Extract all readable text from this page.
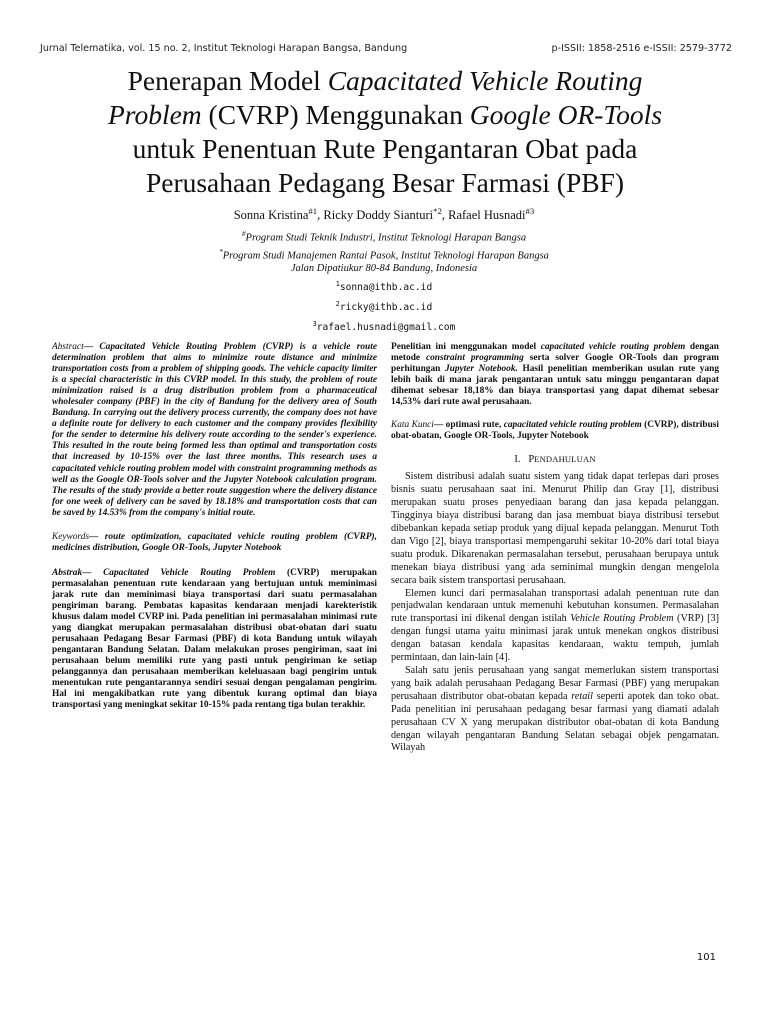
Jurnal Telematika, vol. 15 no. 2, Institut Teknologi Harapan Bangsa, Bandung	p-ISSII: 1858-2516 e-ISSII: 2579-3772
Penerapan Model Capacitated Vehicle Routing
Problem (CVRP) Menggunakan Google OR-Tools
untuk Penentuan Rute Pengantaran Obat pada
Perusahaan Pedagang Besar Farmasi (PBF)
Sonna Kristina$^{\#1}$, Ricky Doddy Sianturi$^{*2}$, Rafael Husnadi$^{\#3}$
#Program Studi Teknik Industri, Institut Teknologi Harapan Bangsa
*Program Studi Manajemen Rantai Pasok, Institut Teknologi Harapan Bangsa
Jalan Dipatiukur 80-84 Bandung, Indonesia
$^1$sonna@ithb.ac.id
$^2$ricky@ithb.ac.id
$^3$rafael.husnadi@gmail.com

Abstract— Capacitated Vehicle Routing Problem (CVRP) is a vehicle route determination problem that aims to minimize route distance and minimize transportation costs from a problem of shipping goods. The vehicle capacity limiter is a special characteristic in this CVRP model. In this study, the problem of route minimization raised is a drug distribution problem from a pharmaceutical wholesaler company (PBF) in the city of Bandung for the delivery area of South Bandung. In carrying out the delivery process currently, the company does not have a definite route for delivery to each customer and the company provides flexibility for the sender to determine his delivery route according to the sender's experience. This resulted in the route being formed less than optimal and transportation costs that increased by 10-15% over the last three months. This research uses a capacitated vehicle routing problem model with constraint programming methods as well as the Google OR-Tools solver and the Jupyter Notebook calculation program. The results of the study provide a better route suggestion where the delivery distance for one week of delivery can be saved by 18.18% and transportation costs that can be saved by 14.53% from the company's initial route.

Keywords— route optimization, capacitated vehicle routing problem (CVRP), medicines distribution, Google OR-Tools, Jupyter Notebook

Abstrak— Capacitated Vehicle Routing Problem (CVRP) merupakan permasalahan penentuan rute kendaraan yang bertujuan untuk meminimasi jarak rute dan meminimasi biaya transportasi dari suatu permasalahan pengiriman barang. Pembatas kapasitas kendaraan menjadi karekteristik khusus dalam model CVRP ini. Pada penelitian ini permasalahan minimasi rute yang diangkat merupakan permasalahan distribusi obat-obatan dari suatu perusahaan Pedagang Besar Farmasi (PBF) di kota Bandung untuk wilayah pengantaran Bandung Selatan. Dalam melakukan proses pengiriman, saat ini perusahaan belum memiliki rute yang pasti untuk pengiriman ke setiap pelanggannya dan perusahaan memberikan keleluasaan bagi pengirim untuk menentukan rute pengantarannya sendiri sesuai dengan pengalaman pengirim. Hal ini mengakibatkan rute yang dibentuk kurang optimal dan biaya transportasi yang meningkat sekitar 10-15% pada rentang tiga bulan terakhir.

Penelitian ini menggunakan model capacitated vehicle routing problem dengan metode constraint programming serta solver Google OR-Tools dan program perhitungan Jupyter Notebook. Hasil penelitian memberikan usulan rute yang lebih baik di mana jarak pengantaran untuk satu minggu pengantaran dapat dihemat sebesar 18,18% dan biaya transportasi yang dapat dihemat sebesar 14,53% dari rute awal perusahaan.

Kata Kunci— optimasi rute, capacitated vehicle routing problem (CVRP), distribusi obat-obatan, Google OR-Tools, Jupyter Notebook

I. PENDAHULUAN

Sistem distribusi adalah suatu sistem yang tidak dapat terlepas dari proses bisnis suatu perusahaan saat ini. Menurut Philip dan Gray [1], distribusi merupakan suatu proses penyediaan barang dan jasa kepada pelanggan. Tingginya biaya distribusi barang dan jasa membuat biaya distribusi tersebut dibebankan kepada setiap produk yang dijual kepada pelanggan. Menurut Toth dan Vigo [2], biaya transportasi mempengaruhi sekitar 10-20% dari total biaya suatu produk. Dikarenakan permasalahan tersebut, perusahaan berupaya untuk menekan biaya distribusi yang ada seminimal mungkin dengan mengelola secara baik sistem transportasi perusahaan.

Elemen kunci dari permasalahan transportasi adalah penentuan rute dan penjadwalan kendaraan untuk memenuhi kebutuhan konsumen. Permasalahan rute transportasi ini dikenal dengan istilah Vehicle Routing Problem (VRP) [3] dengan fungsi utama yaitu minimasi jarak untuk menekan ongkos distribusi dengan batasan kendala kapasitas kendaraan, waktu tempuh, jumlah permintaan, dan lain-lain [4].

Salah satu jenis perusahaan yang sangat memerlukan sistem transportasi yang baik adalah perusahaan Pedagang Besar Farmasi (PBF) yang merupakan perusahaan distributor obat-obatan kepada retail seperti apotek dan toko obat. Pada penelitian ini perusahaan pedagang besar farmasi yang diamati adalah perusahaan CV X yang merupakan distributor obat-obatan di kota Bandung dengan wilayah pengantaran Bandung Selatan sebagai objek pengamatan. Wilayah

101
